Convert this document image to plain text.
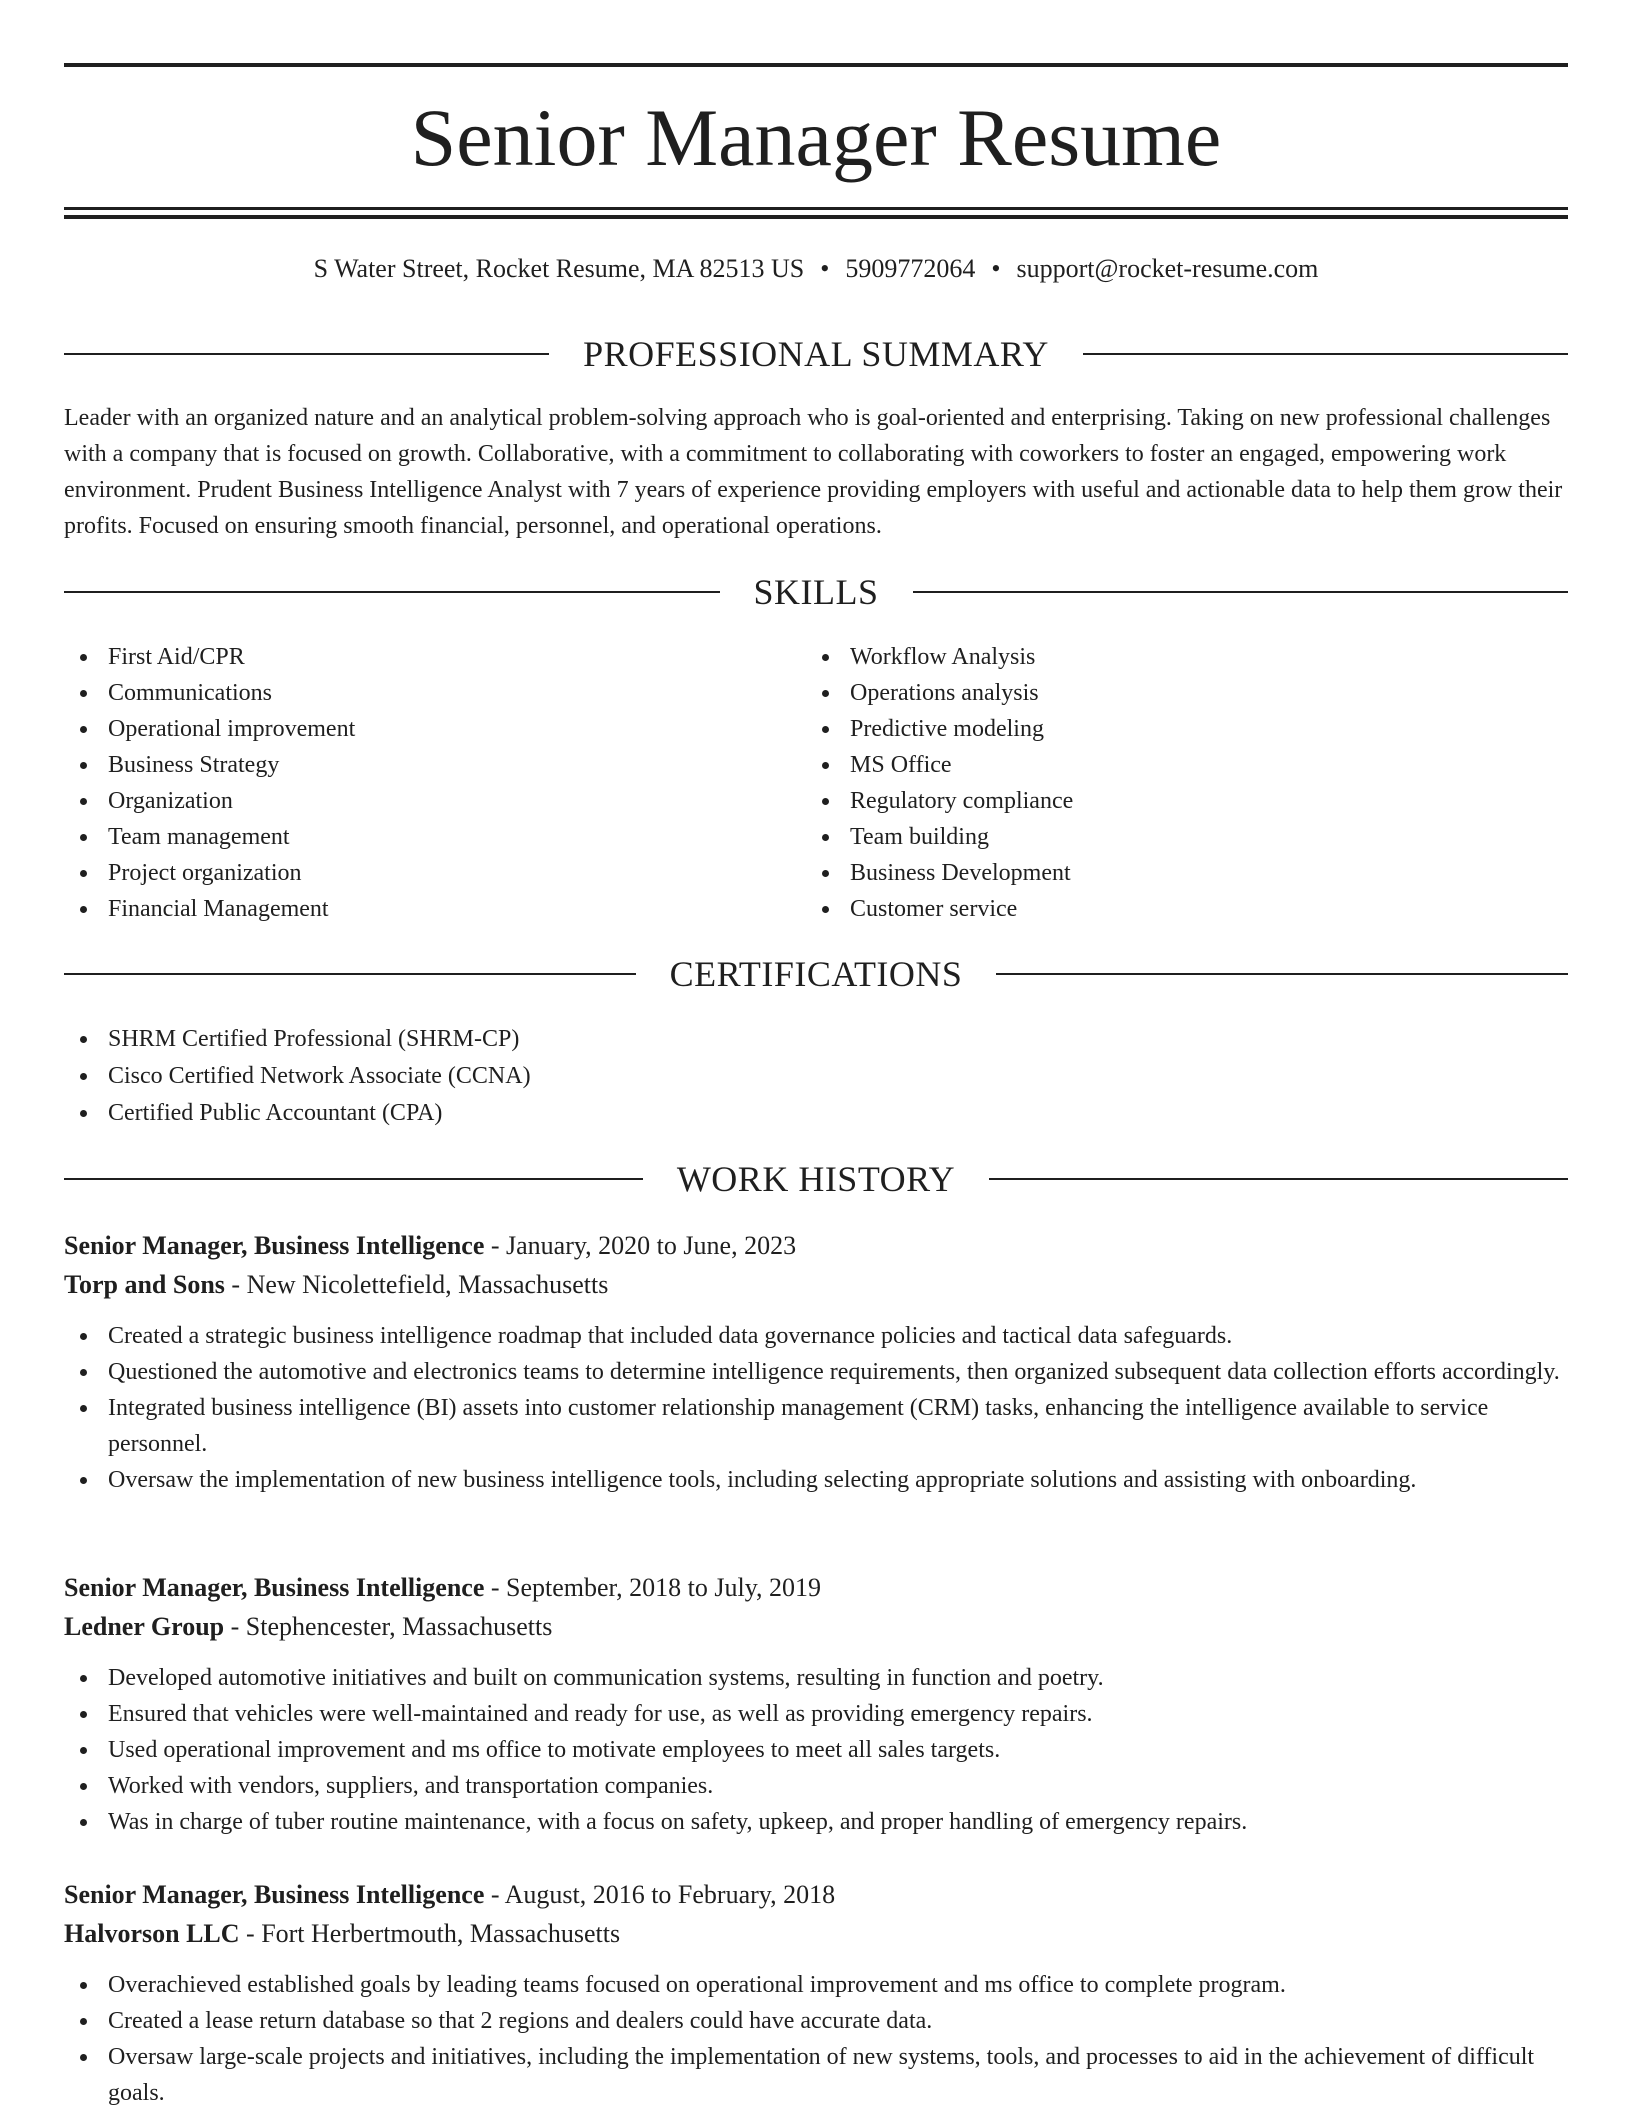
Senior Manager Resume
S Water Street, Rocket Resume, MA 82513 US • 5909772064 • support@rocket-resume.com
PROFESSIONAL SUMMARY

Leader with an organized nature and an analytical problem-solving approach who is goal-oriented and enterprising. Taking on new professional challenges with a company that is focused on growth. Collaborative, with a commitment to collaborating with coworkers to foster an engaged, empowering work environment. Prudent Business Intelligence Analyst with 7 years of experience providing employers with useful and actionable data to help them grow their profits. Focused on ensuring smooth financial, personnel, and operational operations.

SKILLS
First Aid/CPR
Communications
Operational improvement
Business Strategy
Organization
Team management
Project organization
Financial Management
Workflow Analysis
Operations analysis
Predictive modeling
MS Office
Regulatory compliance
Team building
Business Development
Customer service
CERTIFICATIONS
SHRM Certified Professional (SHRM-CP)
Cisco Certified Network Associate (CCNA)
Certified Public Accountant (CPA)
WORK HISTORY
Senior Manager, Business Intelligence - January, 2020 to June, 2023
Torp and Sons - New Nicolettefield, Massachusetts
Created a strategic business intelligence roadmap that included data governance policies and tactical data safeguards.
Questioned the automotive and electronics teams to determine intelligence requirements, then organized subsequent data collection efforts accordingly.
Integrated business intelligence (BI) assets into customer relationship management (CRM) tasks, enhancing the intelligence available to service personnel.
Oversaw the implementation of new business intelligence tools, including selecting appropriate solutions and assisting with onboarding.
Senior Manager, Business Intelligence - September, 2018 to July, 2019
Ledner Group - Stephencester, Massachusetts
Developed automotive initiatives and built on communication systems, resulting in function and poetry.
Ensured that vehicles were well-maintained and ready for use, as well as providing emergency repairs.
Used operational improvement and ms office to motivate employees to meet all sales targets.
Worked with vendors, suppliers, and transportation companies.
Was in charge of tuber routine maintenance, with a focus on safety, upkeep, and proper handling of emergency repairs.
Senior Manager, Business Intelligence - August, 2016 to February, 2018
Halvorson LLC - Fort Herbertmouth, Massachusetts
Overachieved established goals by leading teams focused on operational improvement and ms office to complete program.
Created a lease return database so that 2 regions and dealers could have accurate data.
Oversaw large-scale projects and initiatives, including the implementation of new systems, tools, and processes to aid in the achievement of difficult goals.
